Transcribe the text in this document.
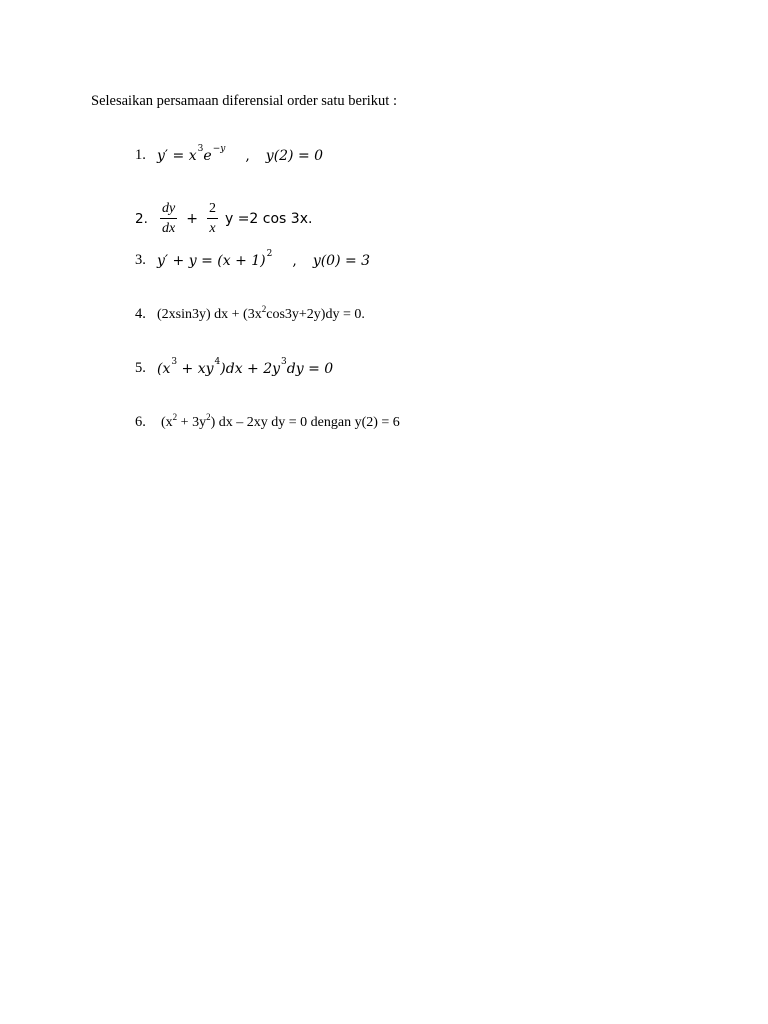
Selesaikan persamaan diferensial order satu berikut :
1. y ′ = x 3 e −y , y(2) = 0
2. $\frac{dy}{dx} + \frac{2}{x}$ y =2 cos 3x.
3. y′ + y = (x + 1) 2 , y(0) = 3
4. (2xsin3y) dx + (3x 2 cos3y+2y)dy = 0.
5. (x 3 + xy 4 )dx + 2y 3 dy = 0
6.	(x 2 + 3y 2 ) dx – 2xy dy = 0 dengan y(2) = 6
